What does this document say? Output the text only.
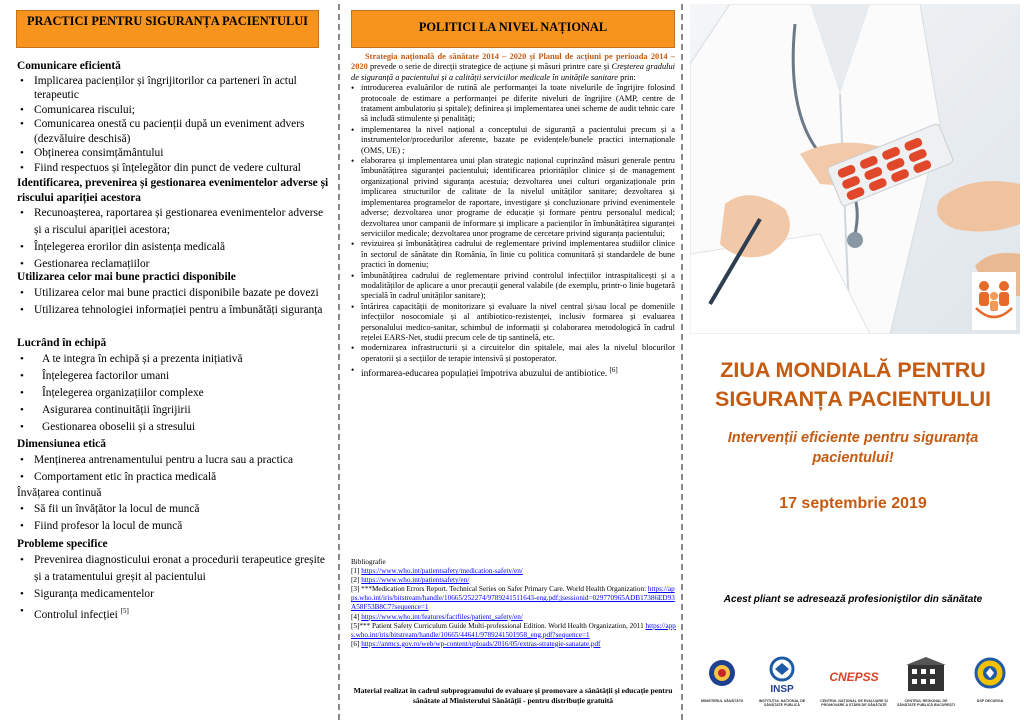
PRACTICI PENTRU SIGURANȚA PACIENTULUI
Comunicare eficientă
• Implicarea pacienților și îngrijitorilor ca parteneri în actul terapeutic
• Comunicarea riscului;
• Comunicarea onestă cu pacienții după un eveniment advers (dezvăluire deschisă)
• Obținerea consimțământului
• Fiind respectuos și înțelegător din punct de vedere cultural
Identificarea, prevenirea și gestionarea evenimentelor adverse și riscului apariției acestora
• Recunoașterea, raportarea și gestionarea evenimentelor adverse și a riscului apariției acestora;
• Înțelegerea erorilor din asistența medicală
• Gestionarea reclamațiilor
Utilizarea celor mai bune practici disponibile
• Utilizarea celor mai bune practici disponibile bazate pe dovezi
• Utilizarea tehnologiei informației pentru a îmbunătăți siguranța
Lucrând în echipă
• A te integra în echipă și a prezenta inițiativă
• Înțelegerea factorilor umani
• Înțelegerea organizațiilor complexe
• Asigurarea continuității îngrijirii
• Gestionarea oboselii și a stresului
Dimensiunea etică
• Menținerea antrenamentului pentru a lucra sau a practica
• Comportament etic în practica medicală
Învățarea continuă
• Să fii un învățător la locul de muncă
• Fiind profesor la locul de muncă
Probleme specifice
• Prevenirea diagnosticului eronat a procedurii terapeutice greșite și a tratamentului greșit al pacientului
• Siguranța medicamentelor
• Controlul infecției [5]
POLITICI LA NIVEL NAȚIONAL

Strategia națională de sănătate 2014 – 2020 și Planul de acțiuni pe perioada 2014 – 2020 prevede o serie de direcții strategice de acțiune și măsuri printre care și Creșterea gradului de siguranță a pacientului și a calității serviciilor medicale în unitățile sanitare prin:

• introducerea evaluărilor de rutină ale performanței la toate nivelurile de îngrijire folosind protocoale de estimare a performanței pe diferite niveluri de îngrijire (AMP, centre de tratament ambulatoriu și spitale); definirea și implementarea unei scheme de audit tehnic care să includă stimulente și penalități;
• implementarea la nivel național a conceptului de siguranță a pacientului precum și a instrumentelor/procedurilor aferente, bazate pe evidențele/bunele practici internaționale (OMS, UE) ;
• elaborarea și implementarea unui plan strategic național cuprinzând măsuri generale pentru îmbunătățirea siguranței pacientului; identificarea priorităților clinice și de management organizațional privind siguranța acestuia; dezvoltarea unei culturi organizaționale prin implicarea structurilor de calitate de la nivelul unităților sanitare; dezvoltarea și implementarea programelor de raportare, investigare și concluzionare privind evenimentele adverse; dezvoltarea unor programe de educație și formare pentru personalul medical; dezvoltarea unor campanii de informare și implicare a pacienților în îmbunătățirea siguranței serviciilor medicale; dezvoltarea unor programe de cercetare privind siguranța pacientului;
• revizuirea și îmbunătățirea cadrului de reglementare privind implementarea studiilor clinice în sectorul de sănătate din România, în linie cu politica comunitară și standardele de bune practici în domeniu;
• îmbunătățirea cadrului de reglementare privind controlul infecțiilor intraspitalicești și a modalităților de aplicare a unor precauții general valabile (de exemplu, printr-o linie bugetară specială în cadrul unităților sanitare);
• întărirea capacității de monitorizare și evaluare la nivel central și/sau local pe domeniile infecțiilor nosocomiale și al antibiotico-rezistenței, inclusiv formarea și evaluarea personalului medico-sanitar, schimbul de informații și colaborarea metodologică în cadrul rețelei EARS-Net, studii precum cele de tip santinelă, etc.
• modernizarea infrastructurii și a circuitelor din spitalele, mai ales la nivelul blocurilor operatorii și a secțiilor de terapie intensivă și postoperator.
• informarea-educarea populației împotriva abuzului de antibiotice. [6]
Bibliografie
[1] https://www.who.int/patientsafety/medication-safety/en/
[2] https://www.who.int/patientsafety/en/
[3] ***Medication Errors Report. Technical Series on Safer Primary Care. World Health Organization: https://apps.who.int/iris/bitstream/handle/10665/252274/9789241511643-eng.pdf;jsessionid=029770965ADB17386ED93A58F53B8C7?sequence=1
[4] https://www.who.int/features/factfiles/patient_safety/en/
[5]*** Patient Safety Curriculum Guide Multi-professional Edition. World Health Organization, 2011 https://apps.who.int/iris/bitstream/handle/10665/44641/9789241501958_eng.pdf?sequence=1
[6] https://anmcs.gov.ro/web/wp-content/uploads/2016/05/extras-strategie-sanatate.pdf
Material realizat în cadrul subprogramului de evaluare și promovare a sănătății și educație pentru sănătate al Ministerului Sănătății - pentru distribuție gratuită
ZIUA MONDIALĂ PENTRU
SIGURANȚA PACIENTULUI
Intervenții eficiente pentru siguranța pacientului!
17 septembrie 2019
Acest pliant se adresează profesioniștilor din sănătate
MINISTERUL SĂNĂTĂȚII
INSP
INSTITUTUL NAȚIONAL DE SĂNĂTATE PUBLICĂ
CNEPSS
CENTRUL NAȚIONAL DE EVALUARE ȘI PROMOVARE A STĂRII DE SĂNĂTATE
CENTRUL REGIONAL DE SĂNĂTATE PUBLICĂ BUCUREȘTI
DSP DECURGA
